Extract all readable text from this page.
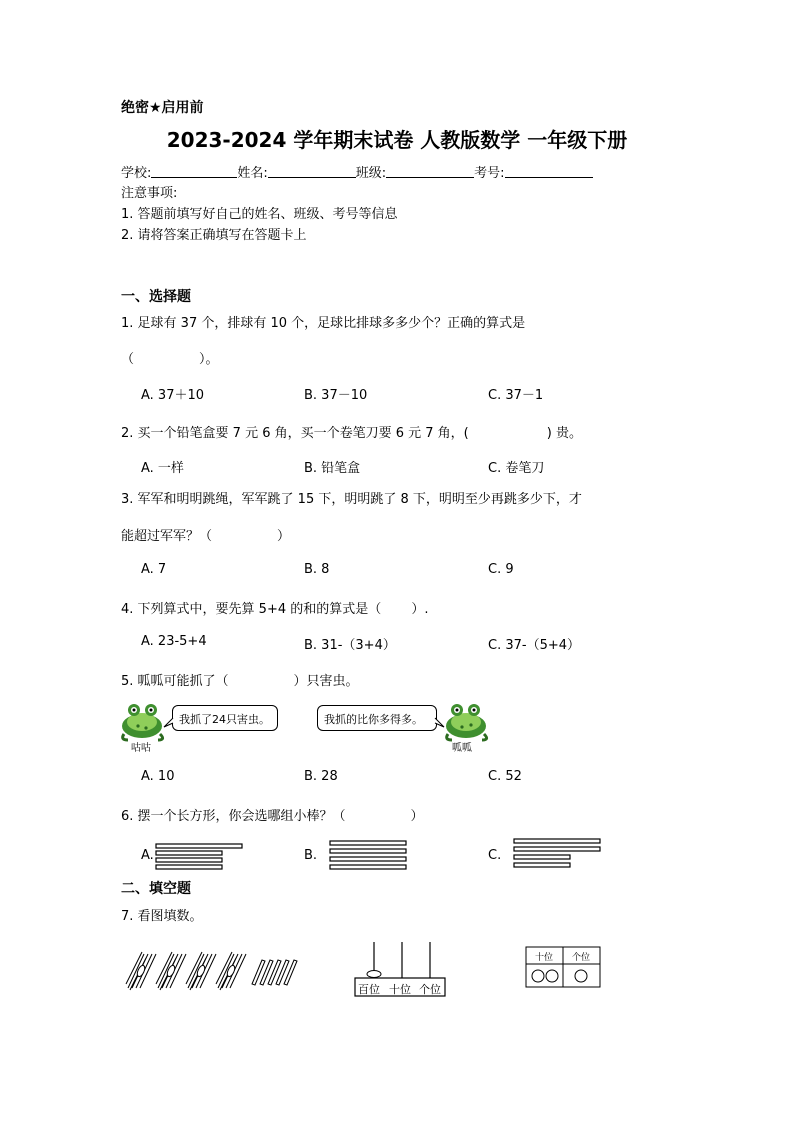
绝密★启用前
2023-2024 学年期末试卷 人教版数学 一年级下册
学校:	姓名:	班级:	考号:
注意事项:
1. 答题前填写好自己的姓名、班级、考号等信息
2. 请将答案正确填写在答题卡上
一、选择题
1. 足球有 37 个，排球有 10 个，足球比排球多多少个？正确的算式是
（　　　　　）。
A. 37＋10	B. 37－10	C. 37－1
2. 买一个铅笔盒要 7 元 6 角，买一个卷笔刀要 6 元 7 角，(　　　　　　) 贵。
A. 一样	B. 铅笔盒	C. 卷笔刀
3. 军军和明明跳绳，军军跳了 15 下，明明跳了 8 下，明明至少再跳多少下，才
能超过军军？（　　　　　）
A. 7	B. 8	C. 9
4. 下列算式中，要先算 5+4 的和的算式是（　　 ）.
A. 23-5+4	B. 31-（3+4）	C. 37-（5+4）
5. 呱呱可能抓了（　　　　　）只害虫。
咕咕
我抓了24只害虫。	我抓的比你多得多。
呱呱
A. 10	B. 28	C. 52
6. 摆一个长方形，你会选哪组小棒？（　　　　　）
A.	B.	C.
二、填空题
7. 看图填数。
百位 十位 个位
十位 个位
